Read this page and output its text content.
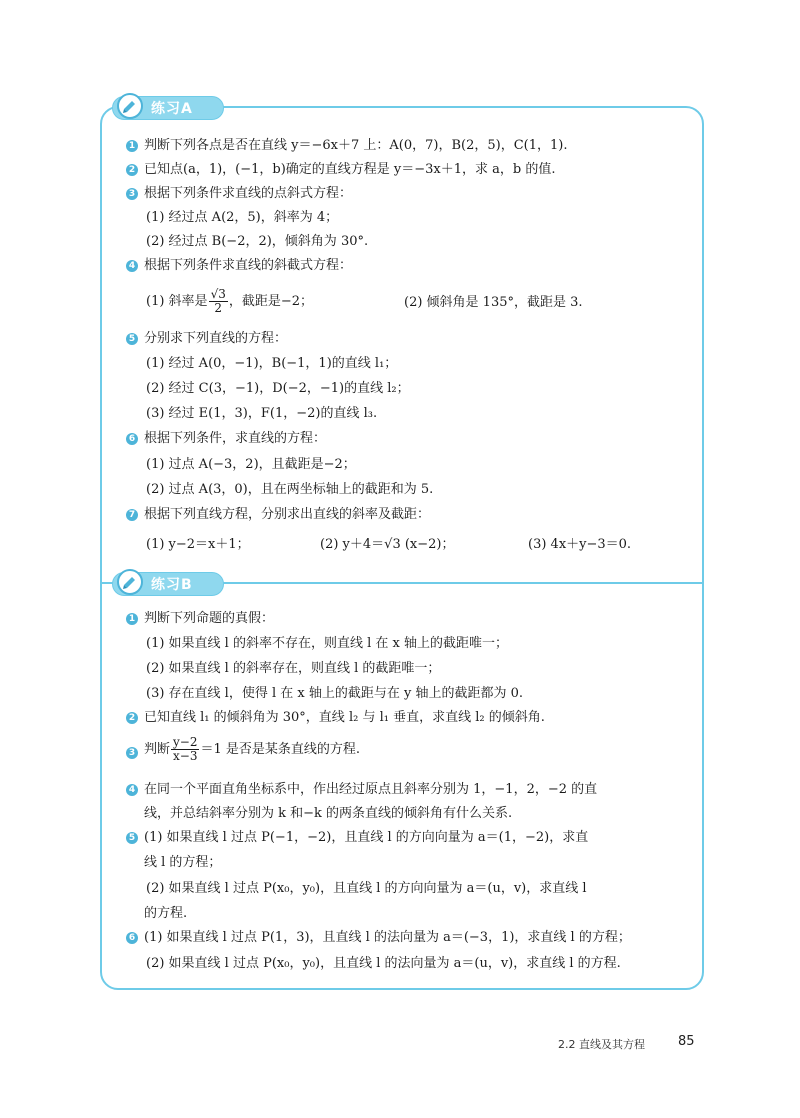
练习A
练习B
1 判断下列各点是否在直线 y＝−6x＋7 上：A(0，7)，B(2，5)，C(1，1).
2 已知点(a，1)，(−1，b)确定的直线方程是 y＝−3x＋1，求 a，b 的值.
3 根据下列条件求直线的点斜式方程：
(1) 经过点 A(2，5)，斜率为 4；
(2) 经过点 B(−2，2)，倾斜角为 30°.
4 根据下列条件求直线的斜截式方程：
(1) 斜率是 $\frac{√3}{2}$ ，截距是−2；	(2) 倾斜角是 135°，截距是 3.
5 分别求下列直线的方程：
(1) 经过 A(0，−1)，B(−1，1)的直线 l₁；
(2) 经过 C(3，−1)，D(−2，−1)的直线 l₂；
(3) 经过 E(1，3)，F(1，−2)的直线 l₃.
6 根据下列条件，求直线的方程：
(1) 过点 A(−3，2)，且截距是−2；
(2) 过点 A(3，0)，且在两坐标轴上的截距和为 5.
7 根据下列直线方程，分别求出直线的斜率及截距：
(1) y−2＝x＋1；	(2) y＋4＝√3 (x−2)；	(3) 4x＋y−3＝0.
1 判断下列命题的真假：
(1) 如果直线 l 的斜率不存在，则直线 l 在 x 轴上的截距唯一；
(2) 如果直线 l 的斜率存在，则直线 l 的截距唯一；
(3) 存在直线 l，使得 l 在 x 轴上的截距与在 y 轴上的截距都为 0.
2 已知直线 l₁ 的倾斜角为 30°，直线 l₂ 与 l₁ 垂直，求直线 l₂ 的倾斜角.
3 判断 $\frac{y-2}{x-3} =1$ 是否是某条直线的方程.
4 在同一个平面直角坐标系中，作出经过原点且斜率分别为 1，−1，2，−2 的直
线，并总结斜率分别为 k 和−k 的两条直线的倾斜角有什么关系.
5 (1) 如果直线 l 过点 P(−1，−2)，且直线 l 的方向向量为 a＝(1，−2)，求直
线 l 的方程；
(2) 如果直线 l 过点 P(x₀，y₀)，且直线 l 的方向向量为 a＝(u，v)，求直线 l
的方程.
6 (1) 如果直线 l 过点 P(1，3)，且直线 l 的法向量为 a＝(−3，1)，求直线 l 的方程；
(2) 如果直线 l 过点 P(x₀，y₀)，且直线 l 的法向量为 a＝(u，v)，求直线 l 的方程.
2.2 直线及其方程	85
